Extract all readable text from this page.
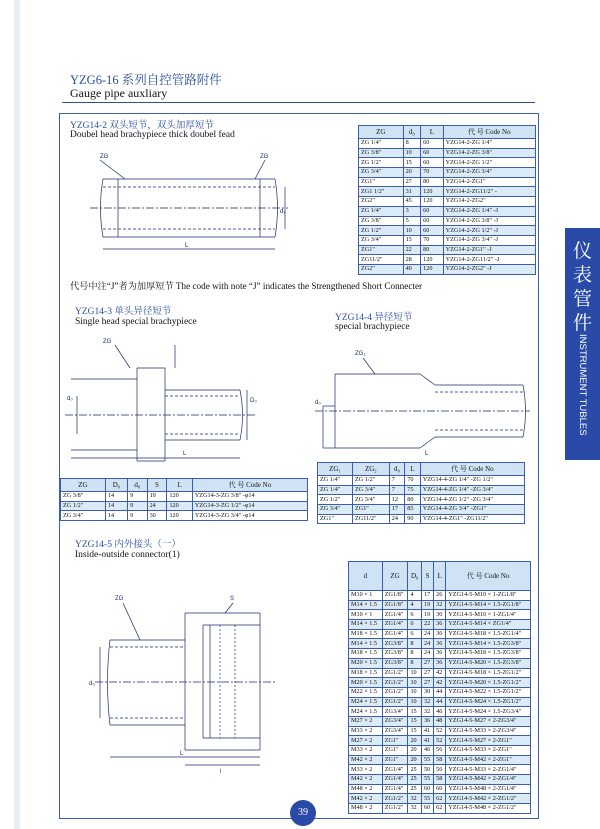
YZG6-16 系列自控管路附件
Gauge pipe auxliary
仪
表
管
件
INSTRUMENT TUBLES
YZG14-2 双头短节，双头加厚短节
Doubel head brachypiece thick doubel fead
ZG	ZG
d₁
L
ZG	d₀	L	代 号 Code No
ZG 1/4"	8	60	YZG14-2-ZG 1/4"
ZG 3/8"	10	60	YZG14-2-ZG 3/8"
ZG 1/2"	15	60	YZG14-2-ZG 1/2"
ZG 3/4"	20	70	YZG14-2-ZG 3/4"
ZG1"	27	80	YZG14-2-ZG1"
ZG1 1/2"	31	120	YZG14-2-ZG11/2" -
ZG2"	45	120	YZG14-2-ZG2"
ZG 1/4"	3	60	YZG14-2-ZG 1/4" -J
ZG 3/8"	5	60	YZG14-2-ZG 3/8" -J
ZG 1/2"	10	60	YZG14-2-ZG 1/2" -J
ZG 3/4"	15	70	YZG14-2-ZG 3/4" -J
ZG1"	22	80	YZG14-2-ZG1" -J
ZG11/2"	28	120	YZG14-2-ZG11/2" -J
ZG2"	40	120	YZG14-2-ZG2" -J
代号中注“J”者为加厚短节 The code with note “J” indicates the Strengthened Short Connecter
YZG14-3 单头异径短节
Single head special brachypiece
ZG
d₀	D₀
L
ZG	D₀	d₀	S	L	代 号 Code No
ZG 3/8"	14	9	19	120	YZG14-3-ZG 3/8" -φ14
ZG 1/2"	14	9	24	120	YZG14-3-ZG 1/2" -φ14
ZG 3/4"	14	9	30	120	YZG14-3-ZG 3/4" -φ14
YZG14-4 异径短节
special brachypiece
ZG₁
d₀
L
ZG₁	ZG₂	d₀	L	代 号 Code No
ZG 1/4"	ZG 1/2"	7	70	YZG14-4-ZG 1/4" -ZG 1/2"
ZG 1/4"	ZG 3/4"	7	75	YZG14-4-ZG 1/4" -ZG 3/4"
ZG 1/2"	ZG 3/4"	12	80	YZG14-4-ZG 1/2" -ZG 3/4"
ZG 3/4"	ZG1"	17	85	YZG14-4-ZG 3/4" -ZG1"
ZG1"	ZG11/2"	24	90	YZG14-4-ZG1" -ZG11/2"
YZG14-5 内外接头（一）
Inside-outside connector(1)
ZG	S
d₀
L
l
d	ZG	D₀	S	L	代 号 Code No
M10 × 1	ZG1/8"	4	17	26	YZG14-5-M10 × 1-ZG1/8"
M14 × 1.5	ZG1/8"	4	19	32	YZG14-5-M14 × 1.5-ZG1/8"
M10 × 1	ZG1/4"	6	19	30	YZG14-5-M10 × 1-ZG1/4"
M14 × 1.5	ZG1/4"	6	22	36	YZG14-5-M14 × ZG1/4"
M18 × 1.5	ZG1/4"	6	24	36	YZG14-5-M18 × 1.5-ZG1/4"
M14 × 1.5	ZG3/8"	8	24	36	YZG14-5-M14 × 1.5-ZG3/8"
M18 × 1.5	ZG3/8"	8	24	36	YZG14-5-M18 × 1.5-ZG3/8"
M20 × 1.5	ZG3/8"	8	27	36	YZG14-5-M20 × 1.5-ZG3/8"
M18 × 1.5	ZG1/2"	10	27	42	YZG14-5-M18 × 1.5-ZG1/2"
M20 × 1.5	ZG1/2"	10	27	42	YZG14-5-M20 × 1.5-ZG1/2"
M22 × 1.5	ZG1/2"	10	30	44	YZG14-5-M22 × 1.5-ZG1/2"
M24 × 1.5	ZG1/2"	10	32	44	YZG14-5-M24 × 1.5-ZG1/2"
M24 × 1.5	ZG3/4"	15	32	46	YZG14-5-M24 × 1.5-ZG3/4"
M27 × 2	ZG3/4"	15	36	48	YZG14-5-M27 × 2-ZG3/4"
M33 × 2	ZG3/4"	15	41	52	YZG14-5-M33 × 2-ZG3/4"
M27 × 2	ZG1"	20	41	52	YZG14-5-M27 × 2-ZG1"
M33 × 2	ZG1"	20	46	56	YZG14-5-M33 × 2-ZG1"
M42 × 2	ZG1"	20	55	58	YZG14-5-M42 × 2-ZG1"
M33 × 2	ZG1/4"	25	50	56	YZG14-5-M33 × 2-ZG1/4"
M42 × 2	ZG1/4"	25	55	58	YZG14-5-M42 × 2-ZG1/4"
M48 × 2	ZG1/4"	25	60	60	YZG14-5-M48 × 2-ZG1/4"
M42 × 2	ZG1/2"	32	55	62	YZG14-5-M42 × 2-ZG1/2"
M48 × 2	ZG1/2"	32	60	62	YZG14-5-M48 × 2-ZG1/2"
39
